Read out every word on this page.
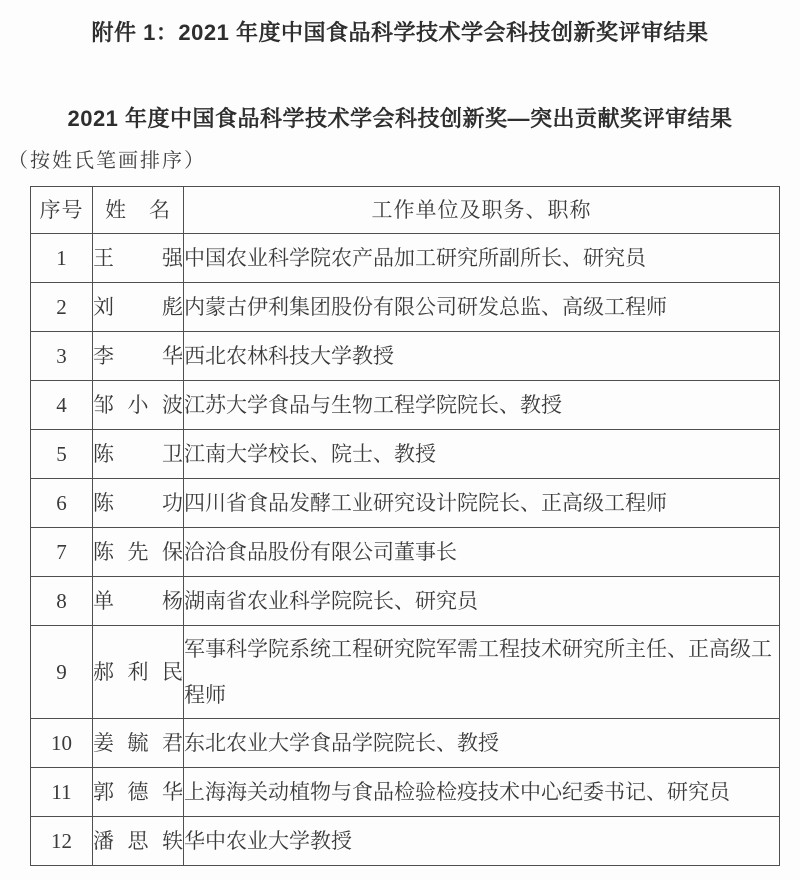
附件 1：2021 年度中国食品科学技术学会科技创新奖评审结果
2021 年度中国食品科学技术学会科技创新奖—突出贡献奖评审结果
（按姓氏笔画排序）
序号	姓　名	工作单位及职务、职称
1	王　强	中国农业科学院农产品加工研究所副所长、研究员
2	刘　彪	内蒙古伊利集团股份有限公司研发总监、高级工程师
3	李　华	西北农林科技大学教授
4	邹小波	江苏大学食品与生物工程学院院长、教授
5	陈　卫	江南大学校长、院士、教授
6	陈　功	四川省食品发酵工业研究设计院院长、正高级工程师
7	陈先保	洽洽食品股份有限公司董事长
8	单　杨	湖南省农业科学院院长、研究员
9	郝利民	军事科学院系统工程研究院军需工程技术研究所主任、正高级工程师
10	姜毓君	东北农业大学食品学院院长、教授
11	郭德华	上海海关动植物与食品检验检疫技术中心纪委书记、研究员
12	潘思轶	华中农业大学教授
